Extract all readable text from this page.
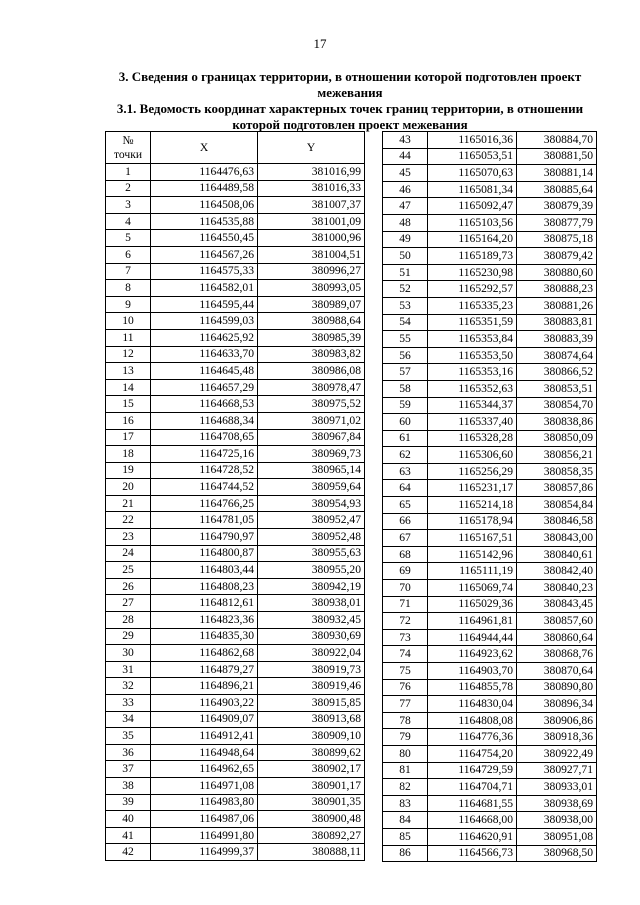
17
3. Сведения о границах территории, в отношении которой подготовлен проект межевания
3.1. Ведомость координат характерных точек границ территории, в отношении которой подготовлен проект межевания
№
точки	X	Y
1	1164476,63	381016,99
2	1164489,58	381016,33
3	1164508,06	381007,37
4	1164535,88	381001,09
5	1164550,45	381000,96
6	1164567,26	381004,51
7	1164575,33	380996,27
8	1164582,01	380993,05
9	1164595,44	380989,07
10	1164599,03	380988,64
11	1164625,92	380985,39
12	1164633,70	380983,82
13	1164645,48	380986,08
14	1164657,29	380978,47
15	1164668,53	380975,52
16	1164688,34	380971,02
17	1164708,65	380967,84
18	1164725,16	380969,73
19	1164728,52	380965,14
20	1164744,52	380959,64
21	1164766,25	380954,93
22	1164781,05	380952,47
23	1164790,97	380952,48
24	1164800,87	380955,63
25	1164803,44	380955,20
26	1164808,23	380942,19
27	1164812,61	380938,01
28	1164823,36	380932,45
29	1164835,30	380930,69
30	1164862,68	380922,04
31	1164879,27	380919,73
32	1164896,21	380919,46
33	1164903,22	380915,85
34	1164909,07	380913,68
35	1164912,41	380909,10
36	1164948,64	380899,62
37	1164962,65	380902,17
38	1164971,08	380901,17
39	1164983,80	380901,35
40	1164987,06	380900,48
41	1164991,80	380892,27
42	1164999,37	380888,11
43	1165016,36	380884,70
44	1165053,51	380881,50
45	1165070,63	380881,14
46	1165081,34	380885,64
47	1165092,47	380879,39
48	1165103,56	380877,79
49	1165164,20	380875,18
50	1165189,73	380879,42
51	1165230,98	380880,60
52	1165292,57	380888,23
53	1165335,23	380881,26
54	1165351,59	380883,81
55	1165353,84	380883,39
56	1165353,50	380874,64
57	1165353,16	380866,52
58	1165352,63	380853,51
59	1165344,37	380854,70
60	1165337,40	380838,86
61	1165328,28	380850,09
62	1165306,60	380856,21
63	1165256,29	380858,35
64	1165231,17	380857,86
65	1165214,18	380854,84
66	1165178,94	380846,58
67	1165167,51	380843,00
68	1165142,96	380840,61
69	1165111,19	380842,40
70	1165069,74	380840,23
71	1165029,36	380843,45
72	1164961,81	380857,60
73	1164944,44	380860,64
74	1164923,62	380868,76
75	1164903,70	380870,64
76	1164855,78	380890,80
77	1164830,04	380896,34
78	1164808,08	380906,86
79	1164776,36	380918,36
80	1164754,20	380922,49
81	1164729,59	380927,71
82	1164704,71	380933,01
83	1164681,55	380938,69
84	1164668,00	380938,00
85	1164620,91	380951,08
86	1164566,73	380968,50
